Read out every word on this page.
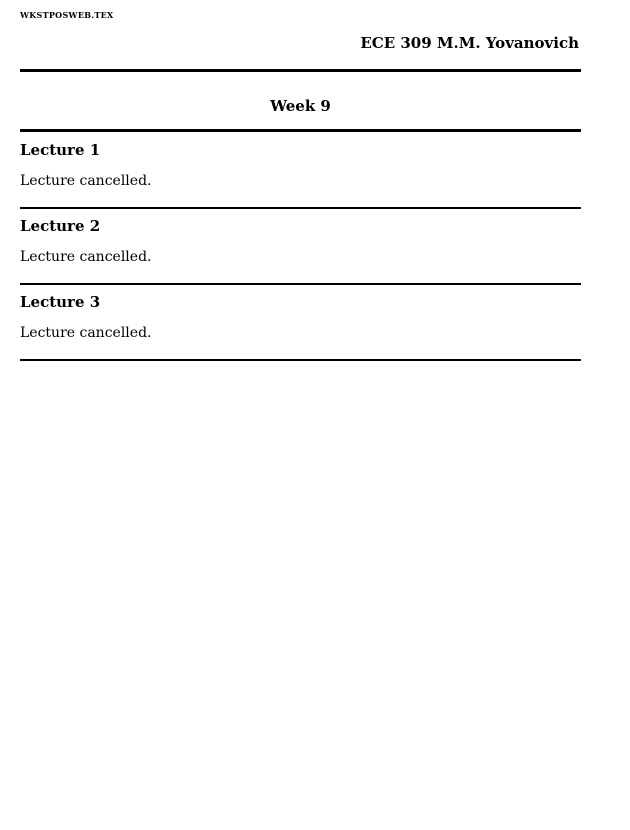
WKSTPOSWEB.TEX
ECE 309 M.M. Yovanovich
Week 9
Lecture 1
Lecture cancelled.
Lecture 2
Lecture cancelled.
Lecture 3
Lecture cancelled.
